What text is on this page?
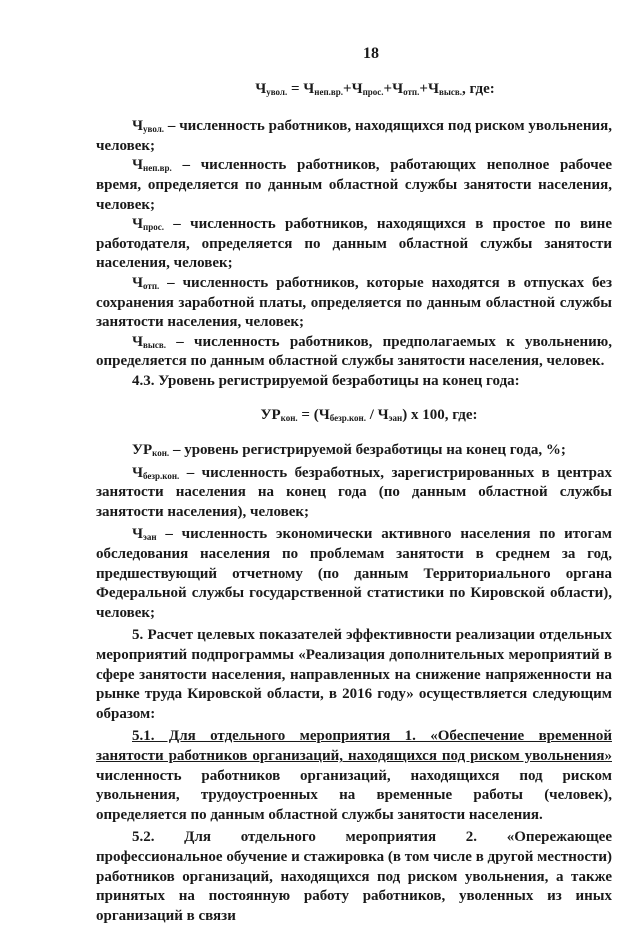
18
$Ч_{увол.} = Ч_{неп.вр.}+Ч_{прос.}+Ч_{отп.}+Ч_{высв.}$, где:

$Ч_{увол.}$ – численность работников, находящихся под риском увольнения, человек;

$Ч_{неп.вр.}$ – численность работников, работающих неполное рабочее время, определяется по данным областной службы занятости населения, человек;

$Ч_{прос.}$ – численность работников, находящихся в простое по вине работодателя, определяется по данным областной службы занятости населения, человек;

$Ч_{отп.}$ – численность работников, которые находятся в отпусках без сохранения заработной платы, определяется по данным областной службы занятости населения, человек;

$Ч_{высв.}$ – численность работников, предполагаемых к увольнению, определяется по данным областной службы занятости населения, человек.

4.3. Уровень регистрируемой безработицы на конец года:

$УР_{кон.} = (Ч_{безр.кон.} / Ч_{эан})$ х 100, где:

$УР_{кон.}$ – уровень регистрируемой безработицы на конец года, %;

$Ч_{безр.кон.}$ – численность безработных, зарегистрированных в центрах занятости населения на конец года (по данным областной службы занятости населения), человек;

$Ч_{эан}$ – численность экономически активного населения по итогам обследования населения по проблемам занятости в среднем за год, предшествующий отчетному (по данным Территориального органа Федеральной службы государственной статистики по Кировской области), человек;

5. Расчет целевых показателей эффективности реализации отдельных мероприятий подпрограммы «Реализация дополнительных мероприятий в сфере занятости населения, направленных на снижение напряженности на рынке труда Кировской области, в 2016 году» осуществляется следующим образом:

5.1. Для отдельного мероприятия 1. «Обеспечение временной занятости работников организаций, находящихся под риском увольнения» численность работников организаций, находящихся под риском увольнения, трудоустроенных на временные работы (человек), определяется по данным областной службы занятости населения.

5.2. Для отдельного мероприятия 2. «Опережающее профессиональное обучение и стажировка (в том числе в другой местности) работников организаций, находящихся под риском увольнения, а также принятых на постоянную работу работников, уволенных из иных организаций в связи
